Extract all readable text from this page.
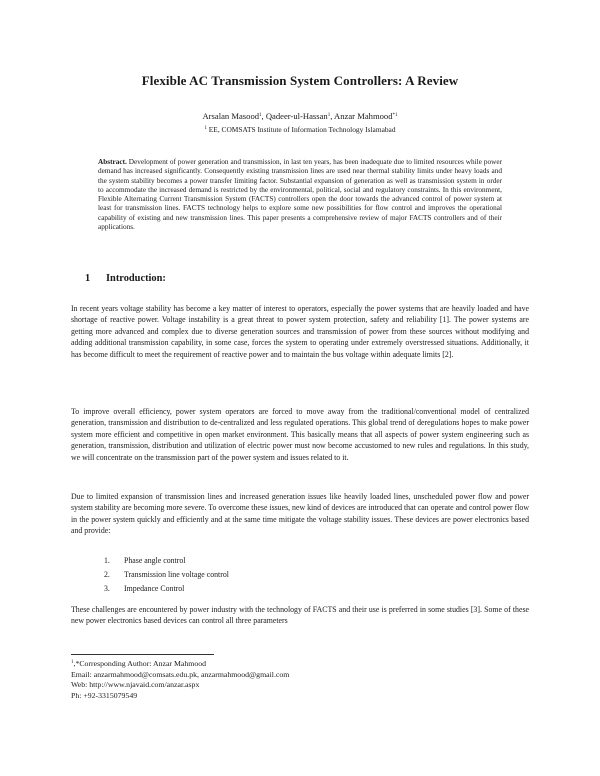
Flexible AC Transmission System Controllers: A Review
Arsalan Masood$^1$, Qadeer-ul-Hassan$^1$, Anzar Mahmood$^{*1}$
$^1$ EE, COMSATS Institute of Information Technology Islamabad
Abstract. Development of power generation and transmission, in last ten years, has been inadequate due to limited resources while power demand has increased significantly. Consequently existing transmission lines are used near thermal stability limits under heavy loads and the system stability becomes a power transfer limiting factor. Substantial expansion of generation as well as transmission system in order to accommodate the increased demand is restricted by the environmental, political, social and regulatory constraints. In this environment, Flexible Alternating Current Transmission System (FACTS) controllers open the door towards the advanced control of power system at least for transmission lines. FACTS technology helps to explore some new possibilities for flow control and improves the operational capability of existing and new transmission lines. This paper presents a comprehensive review of major FACTS controllers and of their applications.
1 Introduction:

In recent years voltage stability has become a key matter of interest to operators, especially the power systems that are heavily loaded and have shortage of reactive power. Voltage instability is a great threat to power system protection, safety and reliability [1]. The power systems are getting more advanced and complex due to diverse generation sources and transmission of power from these sources without modifying and adding additional transmission capability, in some case, forces the system to operating under extremely overstressed situations. Additionally, it has become difficult to meet the requirement of reactive power and to maintain the bus voltage within adequate limits [2].

To improve overall efficiency, power system operators are forced to move away from the traditional/conventional model of centralized generation, transmission and distribution to de-centralized and less regulated operations. This global trend of deregulations hopes to make power system more efficient and competitive in open market environment. This basically means that all aspects of power system engineering such as generation, transmission, distribution and utilization of electric power must now become accustomed to new rules and regulations. In this study, we will concentrate on the transmission part of the power system and issues related to it.

Due to limited expansion of transmission lines and increased generation issues like heavily loaded lines, unscheduled power flow and power system stability are becoming more severe. To overcome these issues, new kind of devices are introduced that can operate and control power flow in the power system quickly and efficiently and at the same time mitigate the voltage stability issues. These devices are power electronics based and provide:

1.	Phase angle control
2.	Transmission line voltage control
3.	Impedance Control

These challenges are encountered by power industry with the technology of FACTS and their use is preferred in some studies [3]. Some of these new power electronics based devices can control all three parameters

$^1$,*Corresponding Author: Anzar Mahmood
Email: anzarmahmood@comsats.edu.pk, anzarmahmood@gmail.com
Web: http://www.njavaid.com/anzar.aspx
Ph: +92-3315079549
